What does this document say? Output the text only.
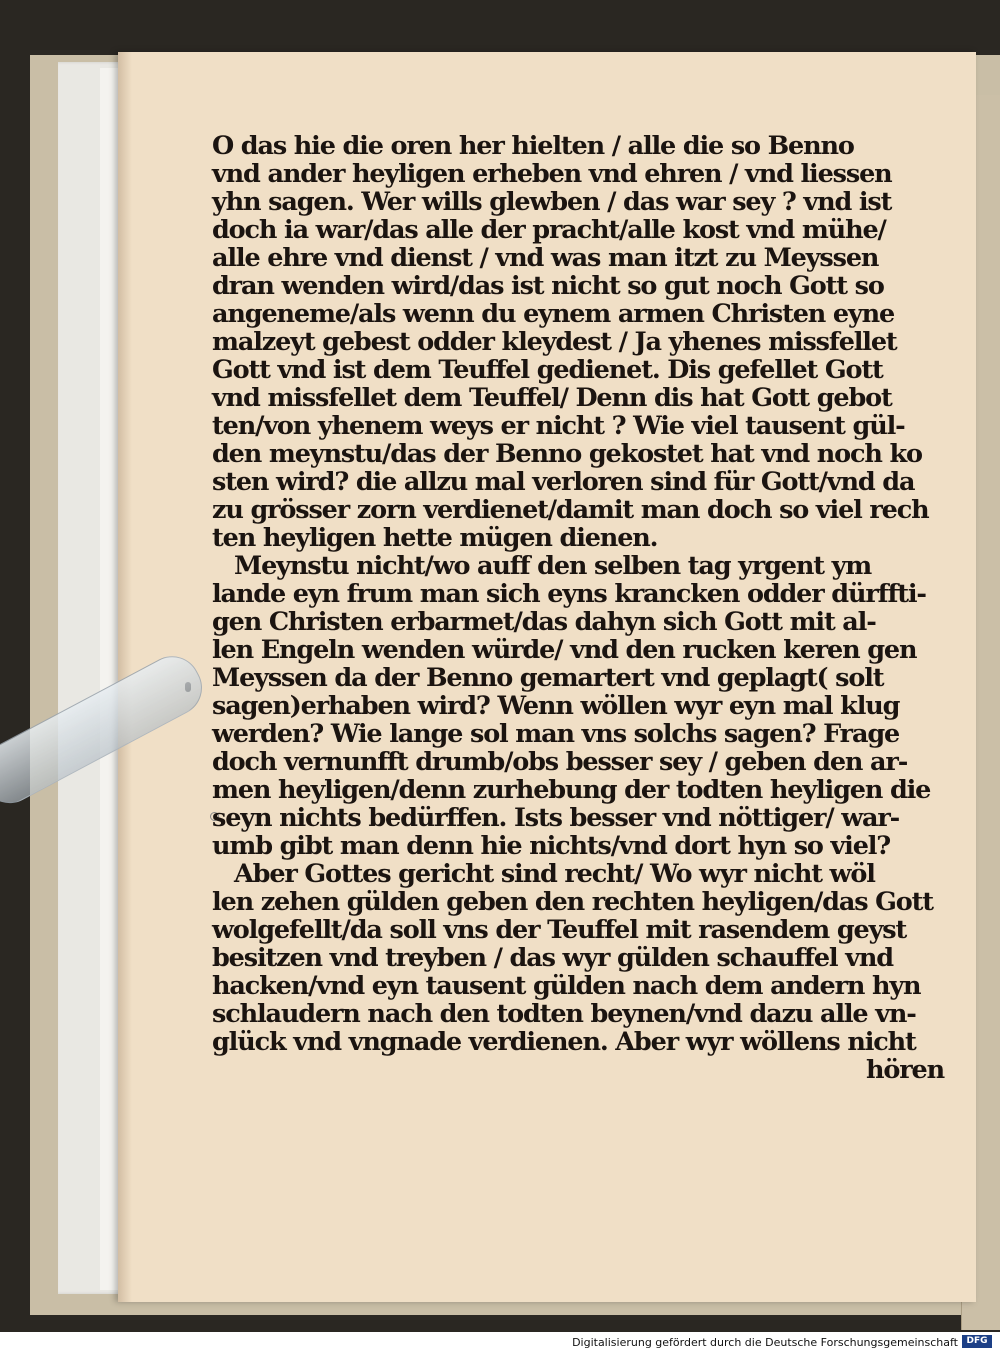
O das hie die oren her hielten / alle die so Benno
vnd ander heyligen erheben vnd ehren / vnd liessen
yhn sagen. Wer wills glewben / das war sey ? vnd ist
doch ia war/das alle der pracht/alle kost vnd mühe/
alle ehre vnd dienst / vnd was man itzt zu Meyssen
dran wenden wird/das ist nicht so gut noch Gott so
angeneme/als wenn du eynem armen Christen eyne
malzeyt gebest odder kleydest / Ja yhenes missfellet
Gott vnd ist dem Teuffel gedienet. Dis gefellet Gott
vnd missfellet dem Teuffel/ Denn dis hat Gott gebot
ten/von yhenem weys er nicht ? Wie viel tausent gül-
den meynstu/das der Benno gekostet hat vnd noch ko
sten wird? die allzu mal verloren sind für Gott/vnd da
zu grösser zorn verdienet/damit man doch so viel rech
ten heyligen hette mügen dienen.
Meynstu nicht/wo auff den selben tag yrgent ym
lande eyn frum man sich eyns krancken odder dürffti-
gen Christen erbarmet/das dahyn sich Gott mit al-
len Engeln wenden würde/ vnd den rucken keren gen
Meyssen da der Benno gemartert vnd geplagt( solt
sagen)erhaben wird? Wenn wöllen wyr eyn mal klug
werden? Wie lange sol man vns solchs sagen? Frage
doch vernunfft drumb/obs besser sey / geben den ar-
men heyligen/denn zurhebung der todten heyligen die
seyn nichts bedürffen. Ists besser vnd nöttiger/ war-
umb gibt man denn hie nichts/vnd dort hyn so viel?
Aber Gottes gericht sind recht/ Wo wyr nicht wöl
len zehen gülden geben den rechten heyligen/das Gott
wolgefellt/da soll vns der Teuffel mit rasendem geyst
besitzen vnd treyben / das wyr gülden schauffel vnd
hacken/vnd eyn tausent gülden nach dem andern hyn
schlaudern nach den todten beynen/vnd dazu alle vn-
glück vnd vngnade verdienen. Aber wyr wöllens nicht
hören
Digitalisierung gefördert durch die Deutsche Forschungsgemeinschaft DFG
